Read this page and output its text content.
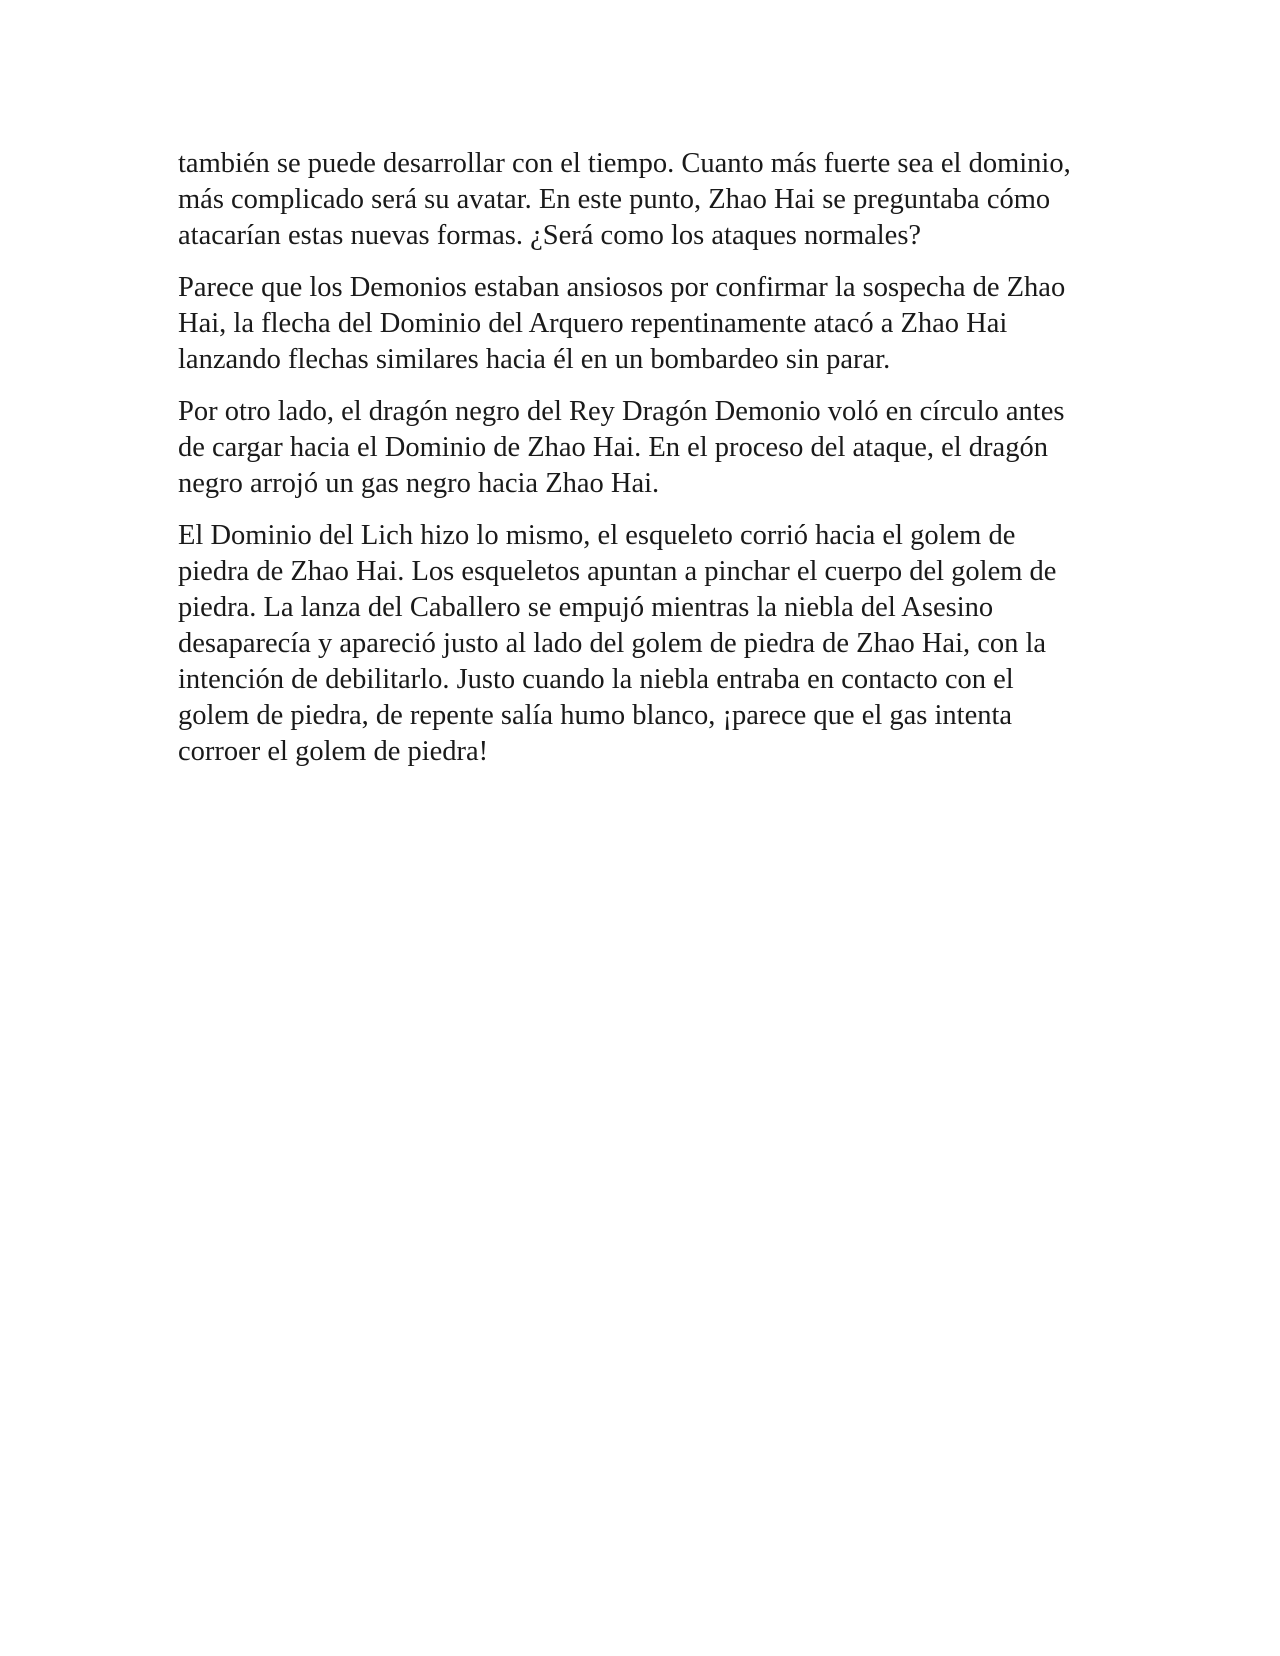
también se puede desarrollar con el tiempo. Cuanto más fuerte sea el dominio,
más complicado será su avatar. En este punto, Zhao Hai se preguntaba cómo
atacarían estas nuevas formas. ¿Será como los ataques normales?

Parece que los Demonios estaban ansiosos por confirmar la sospecha de Zhao
Hai, la flecha del Dominio del Arquero repentinamente atacó a Zhao Hai
lanzando flechas similares hacia él en un bombardeo sin parar.

Por otro lado, el dragón negro del Rey Dragón Demonio voló en círculo antes
de cargar hacia el Dominio de Zhao Hai. En el proceso del ataque, el dragón
negro arrojó un gas negro hacia Zhao Hai.

El Dominio del Lich hizo lo mismo, el esqueleto corrió hacia el golem de
piedra de Zhao Hai. Los esqueletos apuntan a pinchar el cuerpo del golem de
piedra. La lanza del Caballero se empujó mientras la niebla del Asesino
desaparecía y apareció justo al lado del golem de piedra de Zhao Hai, con la
intención de debilitarlo. Justo cuando la niebla entraba en contacto con el
golem de piedra, de repente salía humo blanco, ¡parece que el gas intenta
corroer el golem de piedra!
